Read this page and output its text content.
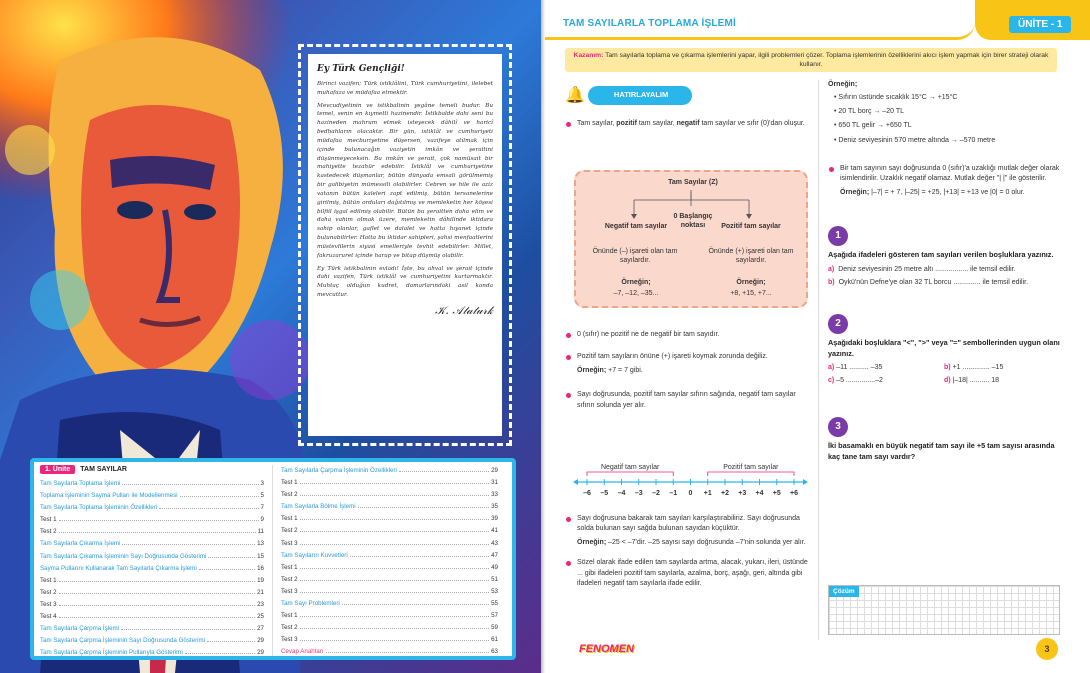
Ey Türk Gençliği!

Birinci vazifen; Türk istiklâlini, Türk cumhuriyetini, ilelebet muhafaza ve müdafaa etmektir.

Mevcudiyetinin ve istikbalinin yegâne temeli budur. Bu temel, senin en kıymetli hazinendir. İstikbalde dahi seni bu hazineden mahrum etmek isteyecek dâhilî ve haricî bedhahların olacaktır. Bir gün, istiklâl ve cumhuriyeti müdafaa mecburiyetine düşersen, vazifeye atılmak için içinde bulunacağın vaziyetin imkân ve şeraitini düşünmeyeceksin. Bu imkân ve şerait, çok namüsait bir mahiyette tezahür edebilir. İstiklâl ve cumhuriyetine kastedecek düşmanlar, bütün dünyada emsali görülmemiş bir galibiyetin mümessili olabilirler. Cebren ve hile ile aziz vatanın bütün kaleleri zapt edilmiş, bütün tersanelerine girilmiş, bütün orduları dağıtılmış ve memleketin her köşesi bilfiil işgal edilmiş olabilir. Bütün bu şeraitten daha elim ve daha vahim olmak üzere, memleketin dâhilinde iktidara sahip olanlar, gaflet ve dalalet ve hatta hıyanet içinde bulunabilirler. Hatta bu iktidar sahipleri, şahsi menfaatlerini müstevlilerin siyasi emelleriyle tevhit edebilirler. Millet, fakruzaruret içinde harap ve bitap düşmüş olabilir.

Ey Türk istikbalinin evladı! İşte, bu ahval ve şerait içinde dahi vazifen, Türk istiklâl ve cumhuriyetini kurtarmaktır. Muhtaç olduğun kudret, damarlarındaki asil kanda mevcuttur.

𝒦. 𝒜𝓉𝒶𝓉𝓊𝓇𝓀
1. Ünite	TAM SAYILAR
Tam Sayılarla Toplama İşlemi	3
Toplama İşleminin Sayma Pulları ile Modellenmesi	5
Tam Sayılarla Toplama İşleminin Özellikleri	7
Test 1	9
Test 2	11
Tam Sayılarla Çıkarma İşlemi	13
Tam Sayılarla Çıkarma İşleminin Sayı Doğrusunda Gösterimi	15
Sayma Pullarını Kullanarak Tam Sayılarla Çıkarma İşlemi	16
Test 1	19
Test 2	21
Test 3	23
Test 4	25
Tam Sayılarla Çarpma İşlemi	27
Tam Sayılarla Çarpma İşleminin Sayı Doğrusunda Gösterimi	29
Tam Sayılarla Çarpma İşleminin Pullarıyla Gösterimi	29
Tam Sayılarla Çarpma İşleminin Özellikleri	29
Test 1	31
Test 2	33
Tam Sayılarla Bölme İşlemi	35
Test 1	39
Test 2	41
Test 3	43
Tam Sayıların Kuvvetleri	47
Test 1	49
Test 2	51
Test 3	53
Tam Sayı Problemleri	55
Test 1	57
Test 2	59
Test 3	61
Cevap Anahtarı	63
TAM SAYILARLA TOPLAMA İŞLEMİ	ÜNİTE - 1
Kazanım: Tam sayılarla toplama ve çıkarma işlemlerini yapar, ilgili problemleri çözer. Toplama işlemlerinin özelliklerini akıcı işlem yapmak için birer strateji olarak kullanır.
🔔	HATIRLAYALIM
Tam sayılar, pozitif tam sayılar, negatif tam sayılar ve sıfır (0)'dan oluşur.
Tam Sayılar (Z)
Negatif tam sayılar
0 Başlangıç noktası	Pozitif tam sayılar
Önünde (–) işareti olan tam sayılardır.
Önünde (+) işareti olan tam sayılardır.
Örneğin;
–7, –12, –35...
Örneğin;
+8, +15, +7...
0 (sıfır) ne pozitif ne de negatif bir tam sayıdır.
Pozitif tam sayıların önüne (+) işareti koymak zorunda değiliz.
Örneğin; +7 = 7 gibi.
Sayı doğrusunda, pozitif tam sayılar sıfırın sağında, negatif tam sayılar sıfırın solunda yer alır.
–6 –5 –4 –3 –2 –1 0 +1 +2 +3 +4 +5 +6
Negatif tam sayılar	Pozitif tam sayılar
Sayı doğrusuna bakarak tam sayıları karşılaştırabiliriz. Sayı doğrusunda solda bulunan sayı sağda bulunan sayıdan küçüktür.
Örneğin; –25 < –7'dir. –25 sayısı sayı doğrusunda –7'nin solunda yer alır.
Sözel olarak ifade edilen tam sayılarda artma, alacak, yukarı, ileri, üstünde ... gibi ifadeleri pozitif tam sayılarla, azalma, borç, aşağı, geri, altında gibi ifadeleri negatif tam sayılarla ifade edilir.
Örneğin;
• Sıfırın üstünde sıcaklık 15°C → +15°C
• 20 TL borç → –20 TL
• 650 TL gelir → +650 TL
• Deniz seviyesinin 570 metre altında → –570 metre
Bir tam sayının sayı doğrusunda 0 (sıfır)'a uzaklığı mutlak değer olarak isimlendirilir. Uzaklık negatif olamaz. Mutlak değer "| |" ile gösterilir.
Örneğin; |–7| = + 7, |–25| = +25, |+13| = +13 ve |0| = 0 olur.
1
Aşağıda ifadeleri gösteren tam sayıları verilen boşluklara yazınız.
a) Deniz seviyesinin 25 metre altı ................. ile temsil edilir.
b) Oykü'nün Defne'ye olan 32 TL borcu .............. ile temsil edilir.
2
Aşağıdaki boşluklara "<", ">" veya "=" sembollerinden uygun olanı yazınız.
a) –11 .......... –35	b) +1 .............. –15
c) –5 ...............–2	d) |–18| .......... 18
3
İki basamaklı en büyük negatif tam sayı ile +5 tam sayısı arasında kaç tane tam sayı vardır?
Çözüm
FENOMEN	3
